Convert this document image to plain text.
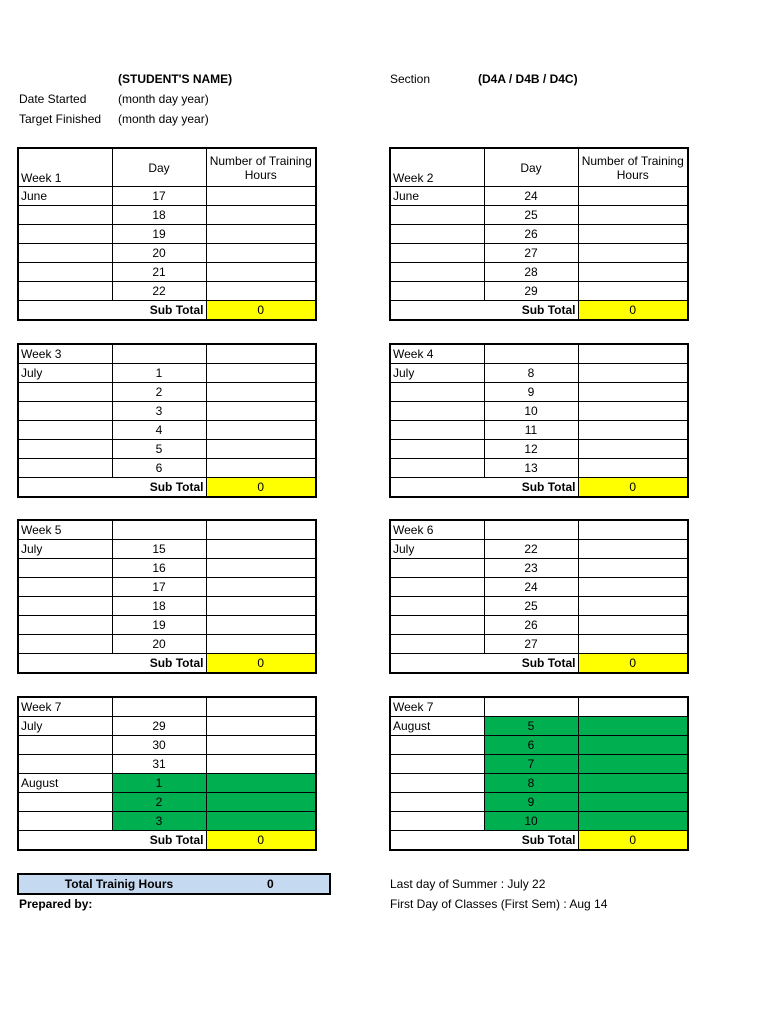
(STUDENT'S NAME)
Date Started	(month day year)
Target Finished (month day year)
Section	(D4A / D4B / D4C)
Week 1	Day	Number of Training Hours
June	17	
	18	
	19	
	20	
	21	
	22	
Sub Total		0
Week 2	Day	Number of Training Hours
June	24	
	25	
	26	
	27	
	28	
	29	
Sub Total		0
Week 3		
July	1	
	2	
	3	
	4	
	5	
	6	
Sub Total		0
Week 4		
July	8	
	9	
	10	
	11	
	12	
	13	
Sub Total		0
Week 5		
July	15	
	16	
	17	
	18	
	19	
	20	
Sub Total		0
Week 6		
July	22	
	23	
	24	
	25	
	26	
	27	
Sub Total		0
Week 7		
July	29	
	30	
	31	
August	1	
	2	
	3	
Sub Total		0
Week 7		
August	5	
	6	
	7	
	8	
	9	
	10	
Sub Total		0
Total Trainig Hours	0
Prepared by:
Last day of Summer : July 22
First Day of Classes (First Sem) : Aug 14
